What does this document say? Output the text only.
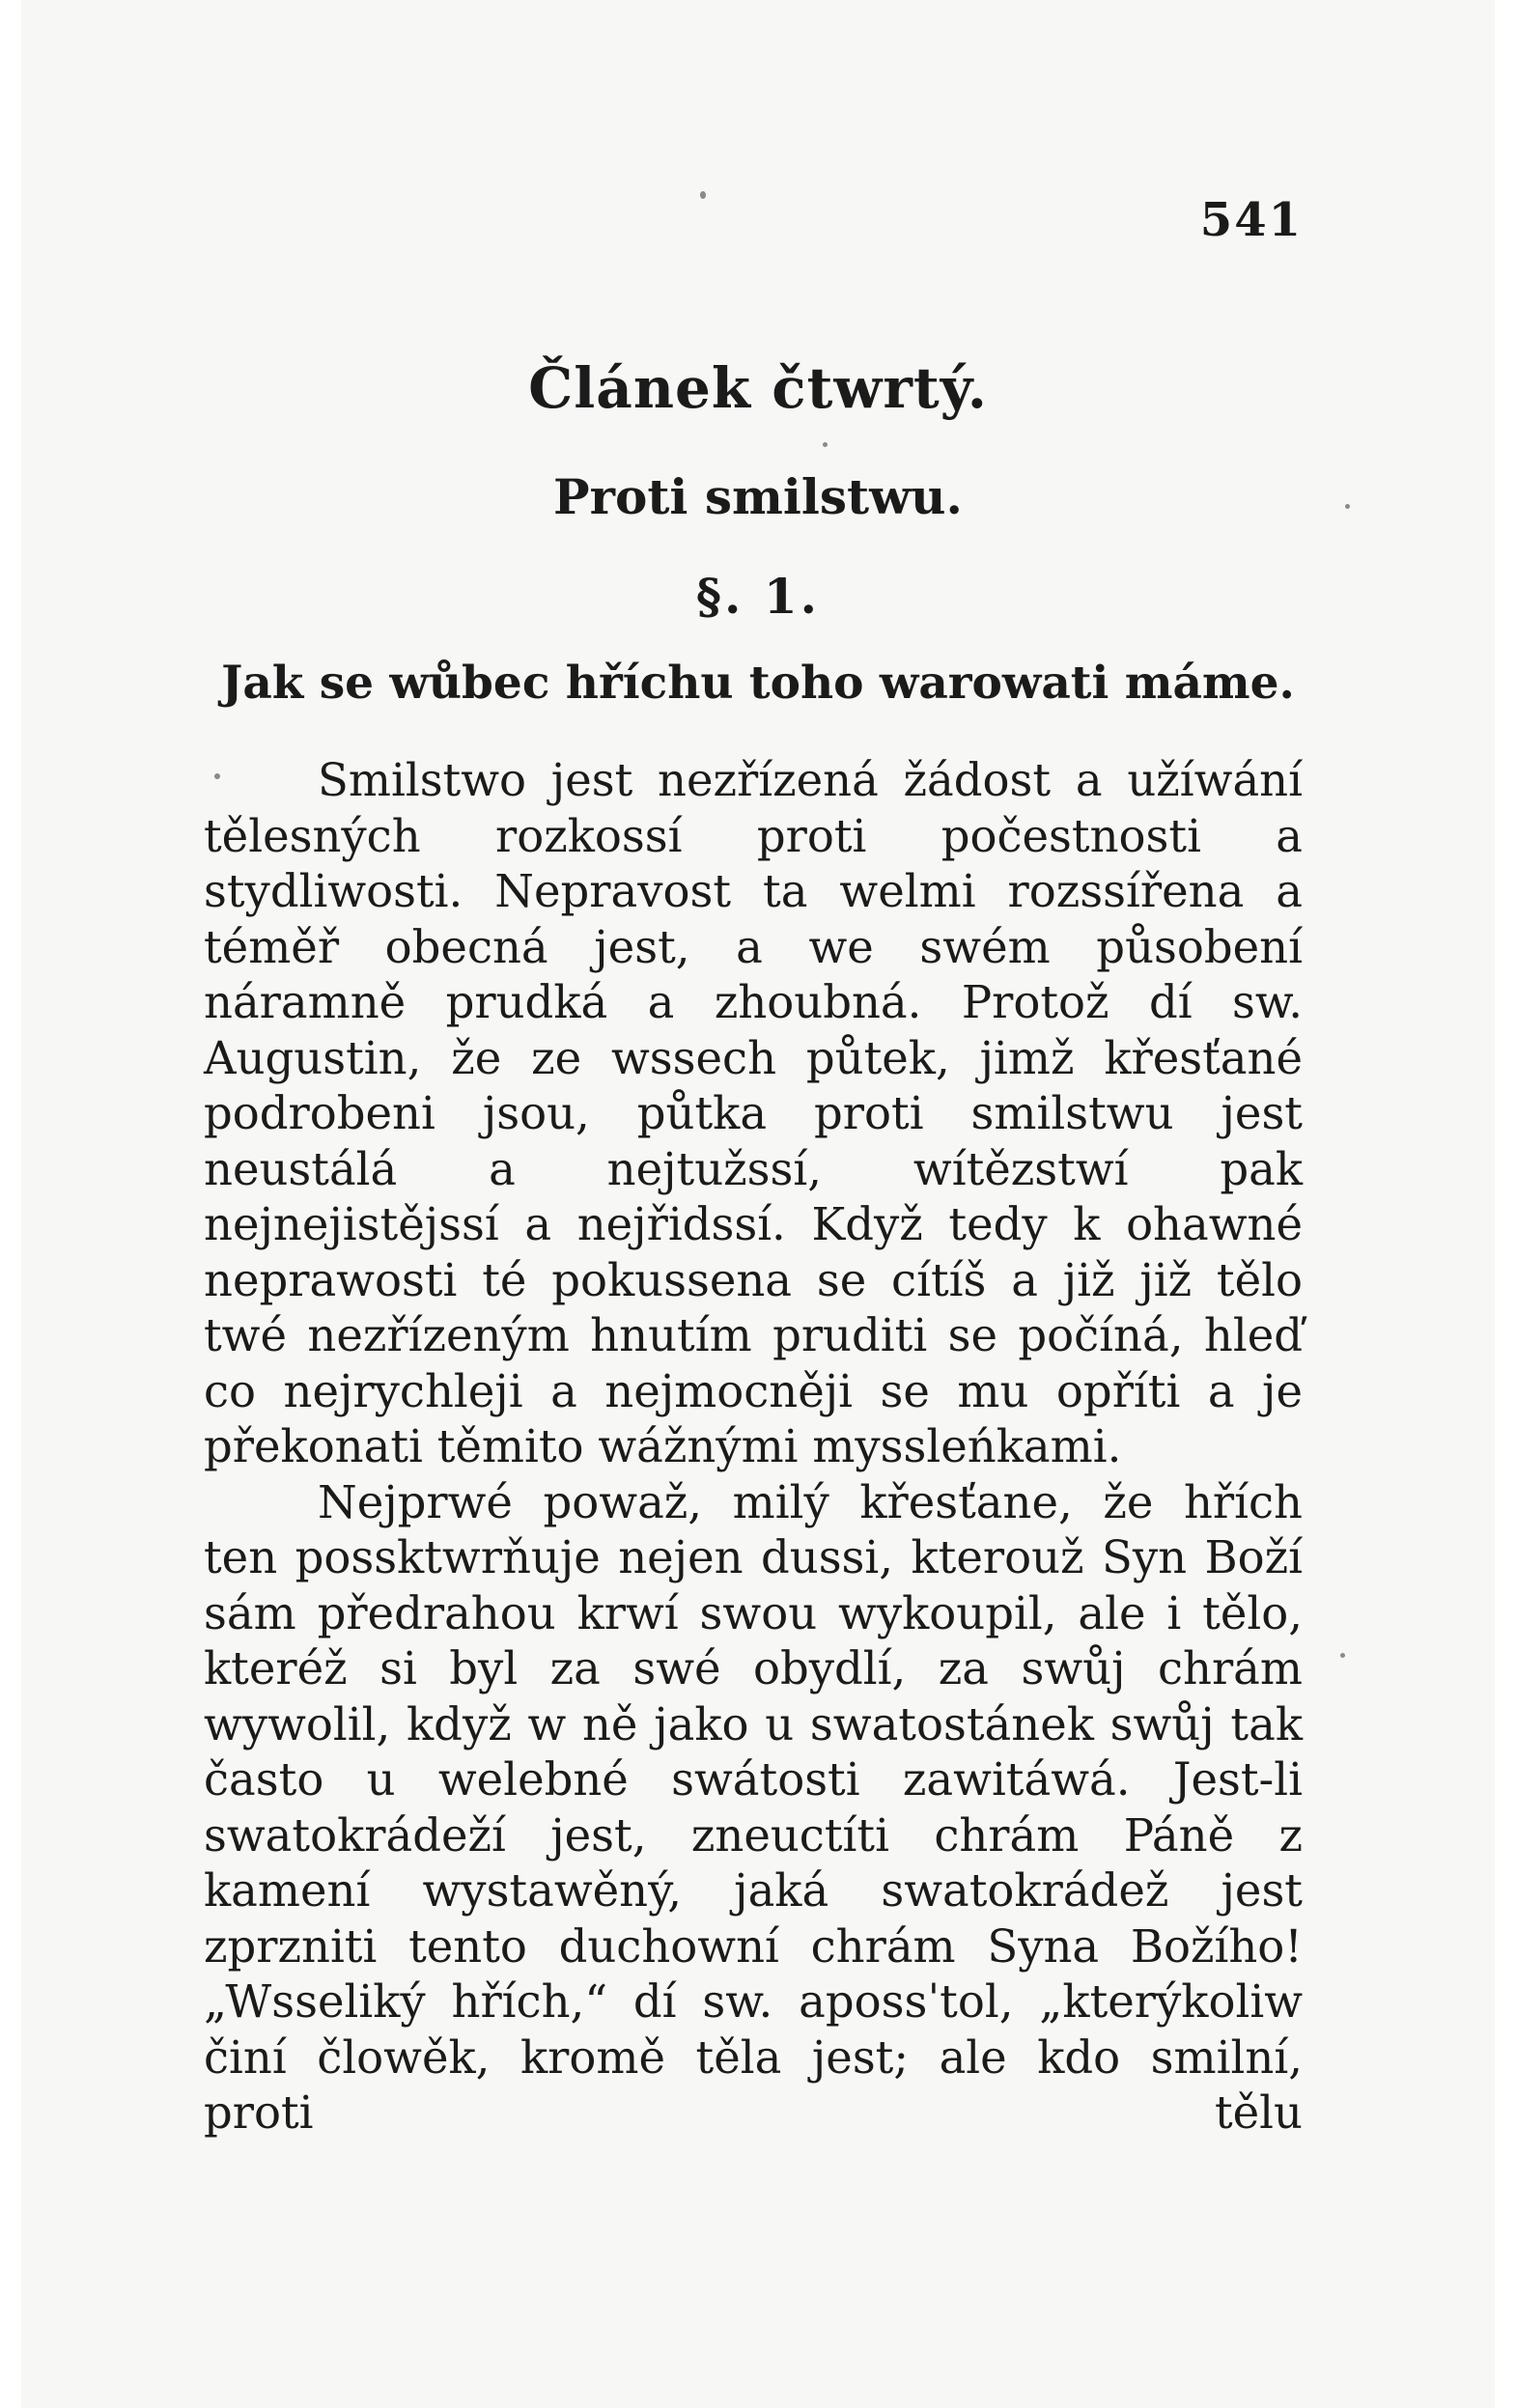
541
Článek čtwrtý.
Proti smilstwu.
§. 1.
Jak se wůbec hříchu toho warowati máme.

Smilstwo jest nezřízená žádost a užíwání tělesných rozkossí proti počestnosti a stydliwosti. Nepravost ta welmi rozssířena a téměř obecná jest, a we swém působení náramně prudká a zhoubná. Protož dí sw. Augustin, že ze wssech půtek, jimž křesťané podrobeni jsou, půtka proti smilstwu jest neustálá a nejtužssí, wítězstwí pak nejnejistějssí a nejřidssí. Když tedy k ohawné neprawosti té pokussena se cítíš a již již tělo twé nezřízeným hnutím pruditi se počíná, hleď co nejrychleji a nejmocněji se mu opříti a je překonati těmito wážnými myssleńkami.

Nejprwé powaž, milý křesťane, že hřích ten possktwrňuje nejen dussi, kterouž Syn Boží sám předrahou krwí swou wykoupil, ale i tělo, kteréž si byl za swé obydlí, za swůj chrám wywolil, když w ně jako u swatostánek swůj tak často u welebné swátosti zawitáwá. Jest-li swatokrádeží jest, zneuctíti chrám Páně z kamení wystawěný, jaká swatokrádež jest zprzniti tento duchowní chrám Syna Božího! „Wsseliký hřích,“ dí sw. apossˈtol, „kterýkoliw činí člowěk, kromě těla jest; ale kdo smilní, proti tělu
